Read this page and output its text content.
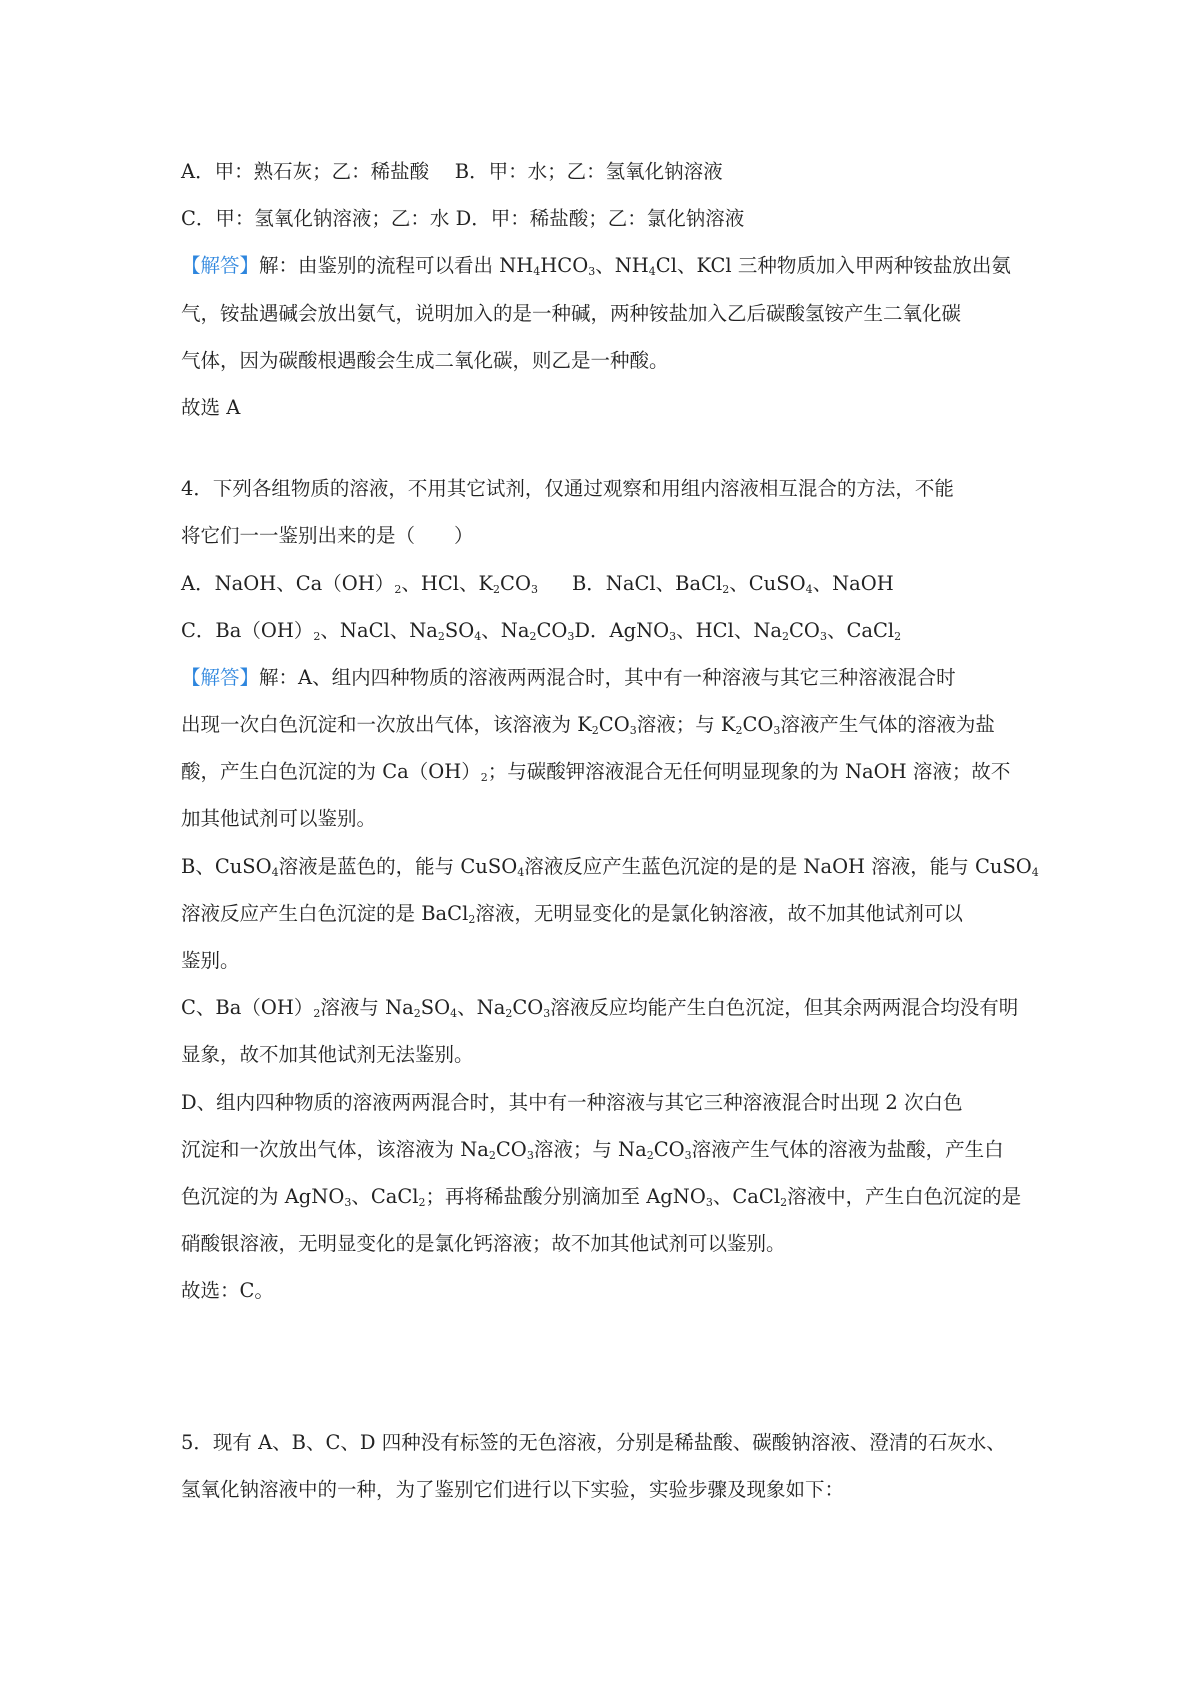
A．甲：熟石灰；乙：稀盐酸　 B．甲：水；乙：氢氧化钠溶液
C．甲：氢氧化钠溶液；乙：水 D．甲：稀盐酸；乙：氯化钠溶液
【解答】解：由鉴别的流程可以看出 $NH_4HCO_3$、$NH_4Cl$、KCl 三种物质加入甲两种铵盐放出氨
气，铵盐遇碱会放出氨气，说明加入的是一种碱，两种铵盐加入乙后碳酸氢铵产生二氧化碳
气体，因为碳酸根遇酸会生成二氧化碳，则乙是一种酸。
故选 A
4．下列各组物质的溶液，不用其它试剂，仅通过观察和用组内溶液相互混合的方法，不能
将它们一一鉴别出来的是（　　）
A．NaOH、$Ca(OH)_2$、HCl、$K_2CO_3$ B．NaCl、BaCl$_2$、CuSO$_4$、NaOH
C．$Ba(OH)_2$、NaCl、$Na_2SO_4$、$Na_2CO_3D$．AgNO$_3$、HCl、$Na_2CO_3$、CaCl$_2$
【解答】解：A、组内四种物质的溶液两两混合时，其中有一种溶液与其它三种溶液混合时
出现一次白色沉淀和一次放出气体，该溶液为 $K_2CO_3$溶液；与 $K_2CO_3$溶液产生气体的溶液为盐
酸，产生白色沉淀的为 $Ca(OH)_2$；与碳酸钾溶液混合无任何明显现象的为 NaOH 溶液；故不
加其他试剂可以鉴别。
B、CuSO$_4$溶液是蓝色的，能与 CuSO$_4$溶液反应产生蓝色沉淀的是的是 NaOH 溶液，能与 CuSO$_4$
溶液反应产生白色沉淀的是 BaCl$_2$溶液，无明显变化的是氯化钠溶液，故不加其他试剂可以
鉴别。
C、$Ba(OH)_2$溶液与 $Na_2SO_4$、$Na_2CO_3$溶液反应均能产生白色沉淀，但其余两两混合均没有明
显象，故不加其他试剂无法鉴别。
D、组内四种物质的溶液两两混合时，其中有一种溶液与其它三种溶液混合时出现 2 次白色
沉淀和一次放出气体，该溶液为 $Na_2CO_3$溶液；与 $Na_2CO_3$溶液产生气体的溶液为盐酸，产生白
色沉淀的为 AgNO$_3$、CaCl$_2$；再将稀盐酸分别滴加至 AgNO$_3$、CaCl$_2$溶液中，产生白色沉淀的是
硝酸银溶液，无明显变化的是氯化钙溶液；故不加其他试剂可以鉴别。
故选：C。
5．现有 A、B、C、D 四种没有标签的无色溶液，分别是稀盐酸、碳酸钠溶液、澄清的石灰水、
氢氧化钠溶液中的一种，为了鉴别它们进行以下实验，实验步骤及现象如下：
